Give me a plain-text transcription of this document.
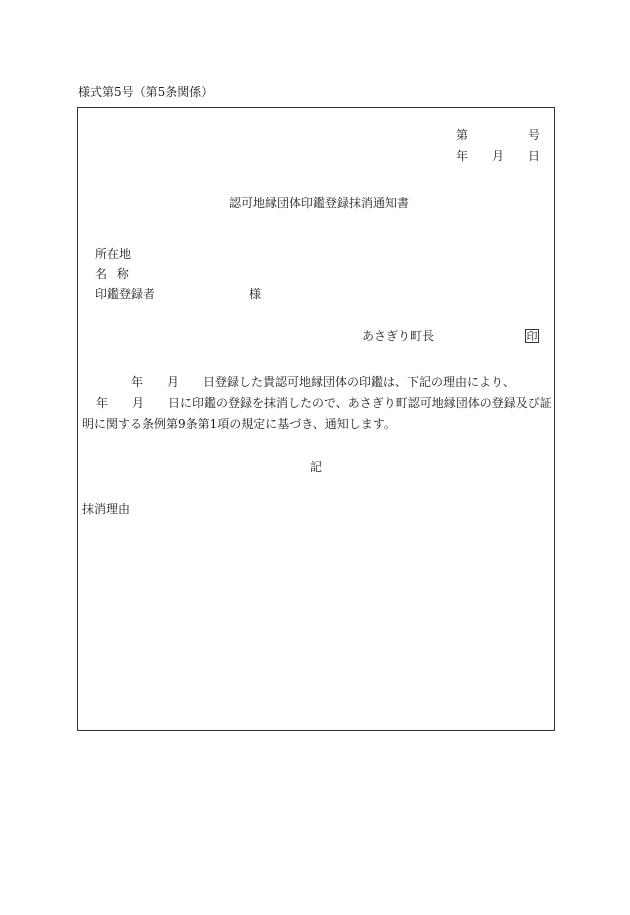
様式第5号（第5条関係）
第	号
年 月 日
認可地縁団体印鑑登録抹消通知書
所在地
名 称
印鑑登録者	様
あさぎり町長	印
年　　月　　日登録した貴認可地縁団体の印鑑は、下記の理由により、
年　　月　　日に印鑑の登録を抹消したので、あさぎり町認可地縁団体の登録及び証
明に関する条例第9条第1項の規定に基づき、通知します。
記
抹消理由
